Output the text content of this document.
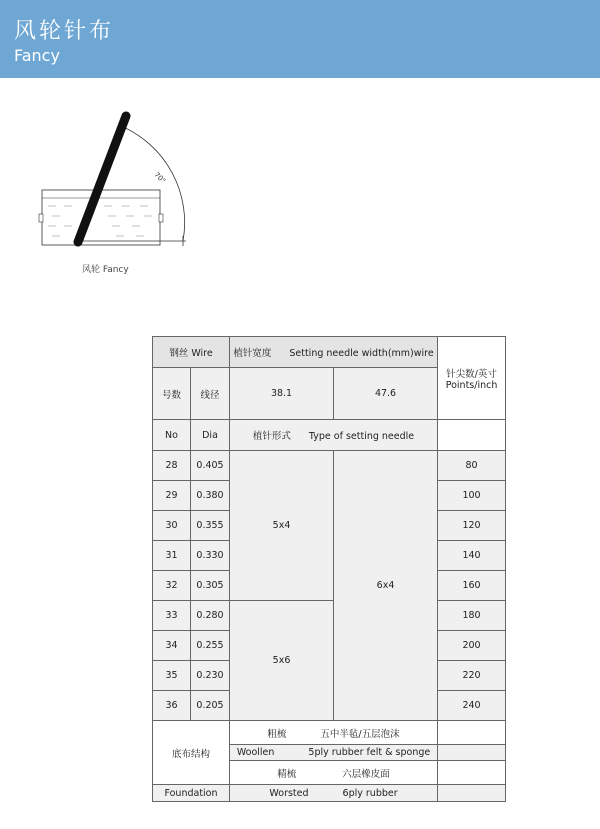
风轮针布
Fancy
70°
风轮 Fancy
钢丝 Wire		植针宽度 Setting needle width(mm)wire		针尖数/英寸
Points/inch

号数	线径	38.1	47.6	
No	Dia	植针形式 Type of setting needle		
28	0.405	5x4	6x4	80
29	0.380			100
30	0.355			120
31	0.330			140
32	0.305			160
33	0.280	5x6		180
34	0.255			200
35	0.230			220
36	0.205			240
底布结构		粗梳 五中半毡/五层泡沫		
		Woollen 5ply rubber felt & sponge		
		精梳 六层橡皮面		
Foundation		Worsted 6ply rubber		
